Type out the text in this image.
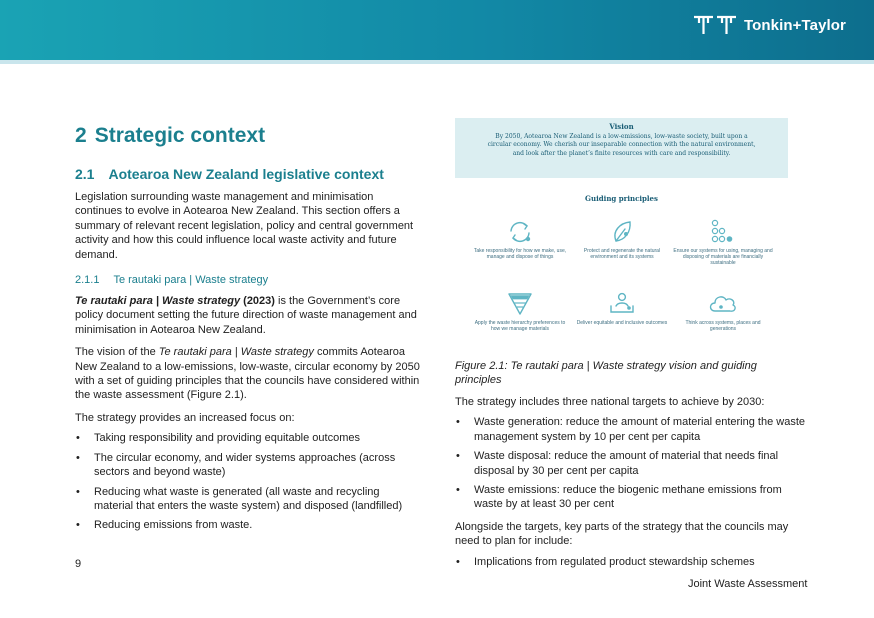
Tonkin+Taylor
2 Strategic context
2.1 Aotearoa New Zealand legislative context

Legislation surrounding waste management and minimisation continues to evolve in Aotearoa New Zealand. This section offers a summary of relevant recent legislation, policy and central government activity and how this could influence local waste activity and future demand.

2.1.1 Te rautaki para | Waste strategy

Te rautaki para | Waste strategy (2023) is the Government’s core policy document setting the future direction of waste management and minimisation in Aotearoa New Zealand.

The vision of the Te rautaki para | Waste strategy commits Aotearoa New Zealand to a low-emissions, low-waste, circular economy by 2050 with a set of guiding principles that the councils have considered within the waste assessment (Figure 2.1).

The strategy provides an increased focus on:

• Taking responsibility and providing equitable outcomes
• The circular economy, and wider systems approaches (across sectors and beyond waste)
• Reducing what waste is generated (all waste and recycling material that enters the waste system) and disposed (landfilled)
• Reducing emissions from waste.
Vision
By 2050, Aotearoa New Zealand is a low-emissions, low-waste society, built upon a circular economy. We cherish our inseparable connection with the natural environment, and look after the planet’s finite resources with care and responsibility.
Guiding principles
Take responsibility for how we make, use, manage and dispose of things
Protect and regenerate the natural environment and its systems
Ensure our systems for using, managing and disposing of materials are financially sustainable
Apply the waste hierarchy preferences to how we manage materials
Deliver equitable and inclusive outcomes	Think across systems, places and generations

Figure 2.1: Te rautaki para | Waste strategy vision and guiding principles

The strategy includes three national targets to achieve by 2030:

• Waste generation: reduce the amount of material entering the waste management system by 10 per cent per capita
• Waste disposal: reduce the amount of material that needs final disposal by 30 per cent per capita
• Waste emissions: reduce the biogenic methane emissions from waste by at least 30 per cent

Alongside the targets, key parts of the strategy that the councils may need to plan for include:

• Implications from regulated product stewardship schemes
9
Joint Waste Assessment
